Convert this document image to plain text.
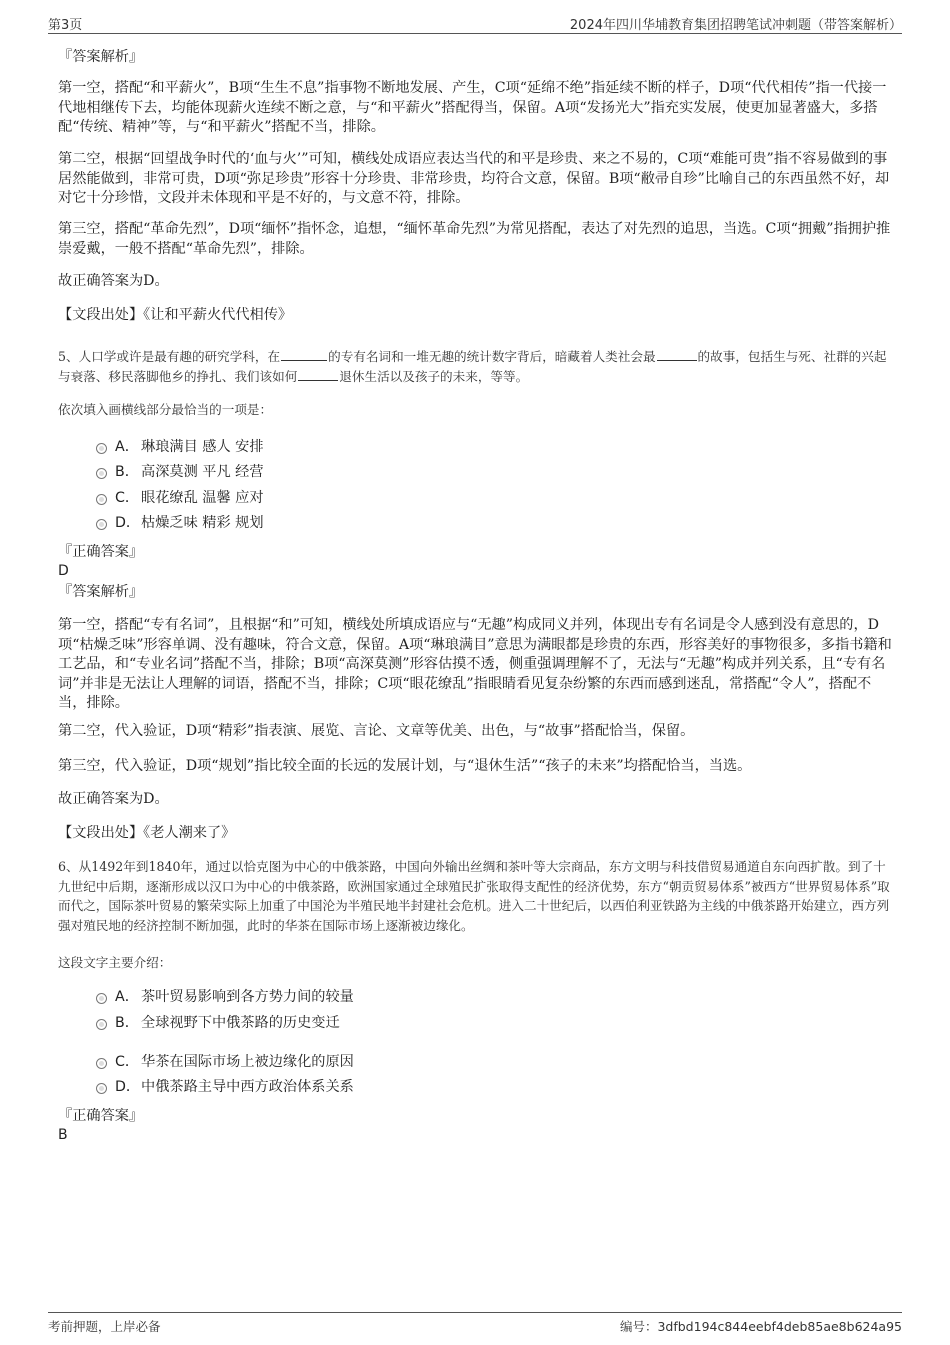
第3页	2024年四川华埔教育集团招聘笔试冲刺题（带答案解析）
『答案解析』
第一空，搭配“和平薪火”，B项“生生不息”指事物不断地发展、产生，C项“延绵不绝”指延续不断的样子，D项“代代相传”指一代接一代地相继传下去，均能体现薪火连续不断之意，与“和平薪火”搭配得当，保留。A项“发扬光大”指充实发展，使更加显著盛大，多搭配“传统、精神”等，与“和平薪火”搭配不当，排除。
第二空，根据“回望战争时代的‘血与火’”可知，横线处成语应表达当代的和平是珍贵、来之不易的，C项“难能可贵”指不容易做到的事居然能做到，非常可贵，D项“弥足珍贵”形容十分珍贵、非常珍贵，均符合文意，保留。B项“敝帚自珍”比喻自己的东西虽然不好，却对它十分珍惜，文段并未体现和平是不好的，与文意不符，排除。
第三空，搭配“革命先烈”，D项“缅怀”指怀念，追想，“缅怀革命先烈”为常见搭配，表达了对先烈的追思，当选。C项“拥戴”指拥护推崇爱戴，一般不搭配“革命先烈”，排除。
故正确答案为D。
【文段出处】《让和平薪火代代相传》
5、人口学或许是最有趣的研究学科，在	的专有名词和一堆无趣的统计数字背后，暗藏着人类社会最	的故事，包括生与死、社群的兴起与衰落、移民落脚他乡的挣扎、我们该如何	退休生活以及孩子的未来，等等。
依次填入画横线部分最恰当的一项是：
A． 琳琅满目 感人 安排
B． 高深莫测 平凡 经营
C． 眼花缭乱 温馨 应对
D． 枯燥乏味 精彩 规划
『正确答案』
D
『答案解析』
第一空，搭配“专有名词”，且根据“和”可知，横线处所填成语应与“无趣”构成同义并列，体现出专有名词是令人感到没有意思的，D项“枯燥乏味”形容单调、没有趣味，符合文意，保留。A项“琳琅满目”意思为满眼都是珍贵的东西，形容美好的事物很多，多指书籍和工艺品，和“专业名词”搭配不当，排除；B项“高深莫测”形容估摸不透，侧重强调理解不了，无法与“无趣”构成并列关系，且“专有名词”并非是无法让人理解的词语，搭配不当，排除；C项“眼花缭乱”指眼睛看见复杂纷繁的东西而感到迷乱，常搭配“令人”，搭配不当，排除。
第二空，代入验证，D项“精彩”指表演、展览、言论、文章等优美、出色，与“故事”搭配恰当，保留。
第三空，代入验证，D项“规划”指比较全面的长远的发展计划，与“退休生活”“孩子的未来”均搭配恰当，当选。
故正确答案为D。
【文段出处】《老人潮来了》
6、从1492年到1840年，通过以恰克图为中心的中俄茶路，中国向外输出丝绸和茶叶等大宗商品，东方文明与科技借贸易通道自东向西扩散。到了十九世纪中后期，逐渐形成以汉口为中心的中俄茶路，欧洲国家通过全球殖民扩张取得支配性的经济优势，东方“朝贡贸易体系”被西方“世界贸易体系”取而代之，国际茶叶贸易的繁荣实际上加重了中国沦为半殖民地半封建社会危机。进入二十世纪后，以西伯利亚铁路为主线的中俄茶路开始建立，西方列强对殖民地的经济控制不断加强，此时的华茶在国际市场上逐渐被边缘化。
这段文字主要介绍：
A． 茶叶贸易影响到各方势力间的较量
B． 全球视野下中俄茶路的历史变迁
C． 华茶在国际市场上被边缘化的原因
D． 中俄茶路主导中西方政治体系关系
『正确答案』
B
考前押题，上岸必备	编号：3dfbd194c844eebf4deb85ae8b624a95
